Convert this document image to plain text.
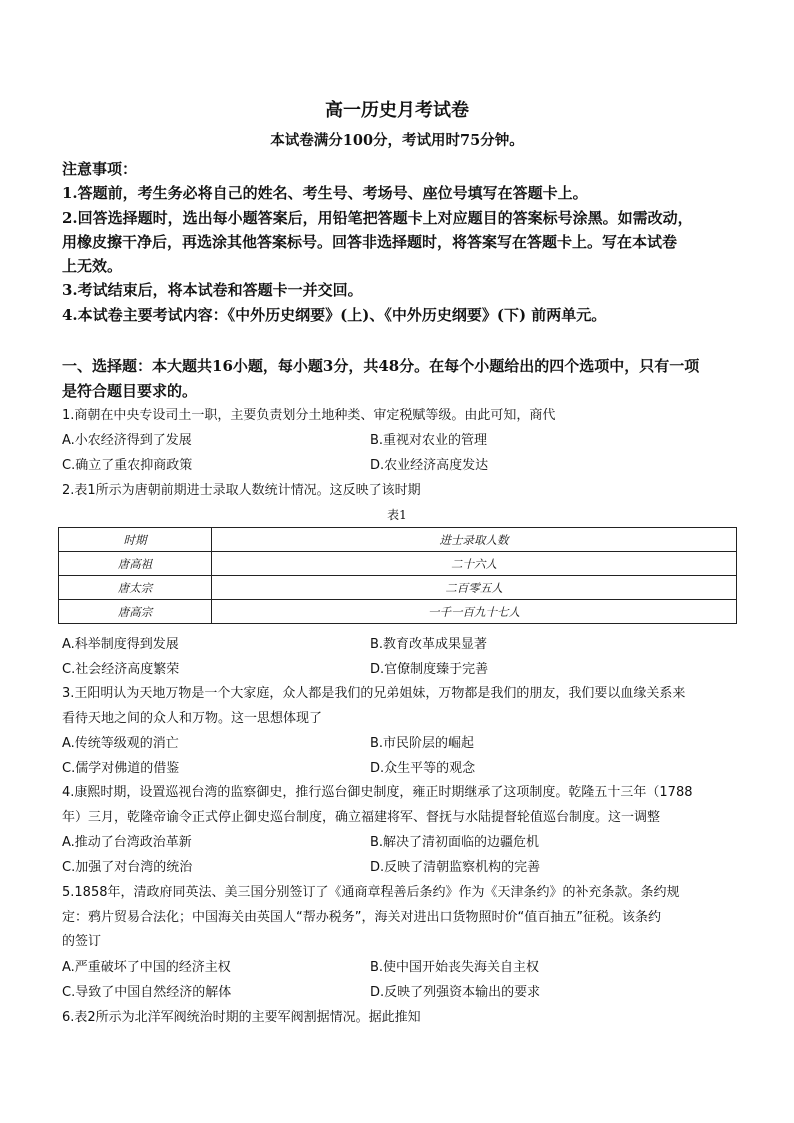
高一历史月考试卷
本试卷满分100分，考试用时75分钟。
注意事项：
1.答题前，考生务必将自己的姓名、考生号、考场号、座位号填写在答题卡上。
2.回答选择题时，选出每小题答案后，用铅笔把答题卡上对应题目的答案标号涂黑。如需改动，
用橡皮擦干净后，再选涂其他答案标号。回答非选择题时，将答案写在答题卡上。写在本试卷
上无效。
3.考试结束后，将本试卷和答题卡一并交回。
4.本试卷主要考试内容：《中外历史纲要》(上)、《中外历史纲要》(下) 前两单元。
一、选择题：本大题共16小题，每小题3分，共48分。在每个小题给出的四个选项中，只有一项
是符合题目要求的。
1.商朝在中央专设司土一职，主要负责划分土地种类、审定税赋等级。由此可知，商代
A.小农经济得到了发展	B.重视对农业的管理
C.确立了重农抑商政策	D.农业经济高度发达
2.表1所示为唐朝前期进士录取人数统计情况。这反映了该时期
表1
时期	进士录取人数
唐高祖	二十六人
唐太宗	二百零五人
唐高宗	一千一百九十七人
A.科举制度得到发展	B.教育改革成果显著
C.社会经济高度繁荣	D.官僚制度臻于完善
3.王阳明认为天地万物是一个大家庭，众人都是我们的兄弟姐妹，万物都是我们的朋友，我们要以血缘关系来
看待天地之间的众人和万物。这一思想体现了
A.传统等级观的消亡	B.市民阶层的崛起
C.儒学对佛道的借鉴	D.众生平等的观念
4.康熙时期，设置巡视台湾的监察御史，推行巡台御史制度，雍正时期继承了这项制度。乾隆五十三年（1788
年）三月，乾隆帝谕令正式停止御史巡台制度，确立福建将军、督抚与水陆提督轮值巡台制度。这一调整
A.推动了台湾政治革新	B.解决了清初面临的边疆危机
C.加强了对台湾的统治	D.反映了清朝监察机构的完善
5.1858年，清政府同英法、美三国分别签订了《通商章程善后条约》作为《天津条约》的补充条款。条约规
定：鸦片贸易合法化；中国海关由英国人“帮办税务”，海关对进出口货物照时价“值百抽五”征税。该条约
的签订
A.严重破坏了中国的经济主权	B.使中国开始丧失海关自主权
C.导致了中国自然经济的解体	D.反映了列强资本输出的要求
6.表2所示为北洋军阀统治时期的主要军阀割据情况。据此推知
